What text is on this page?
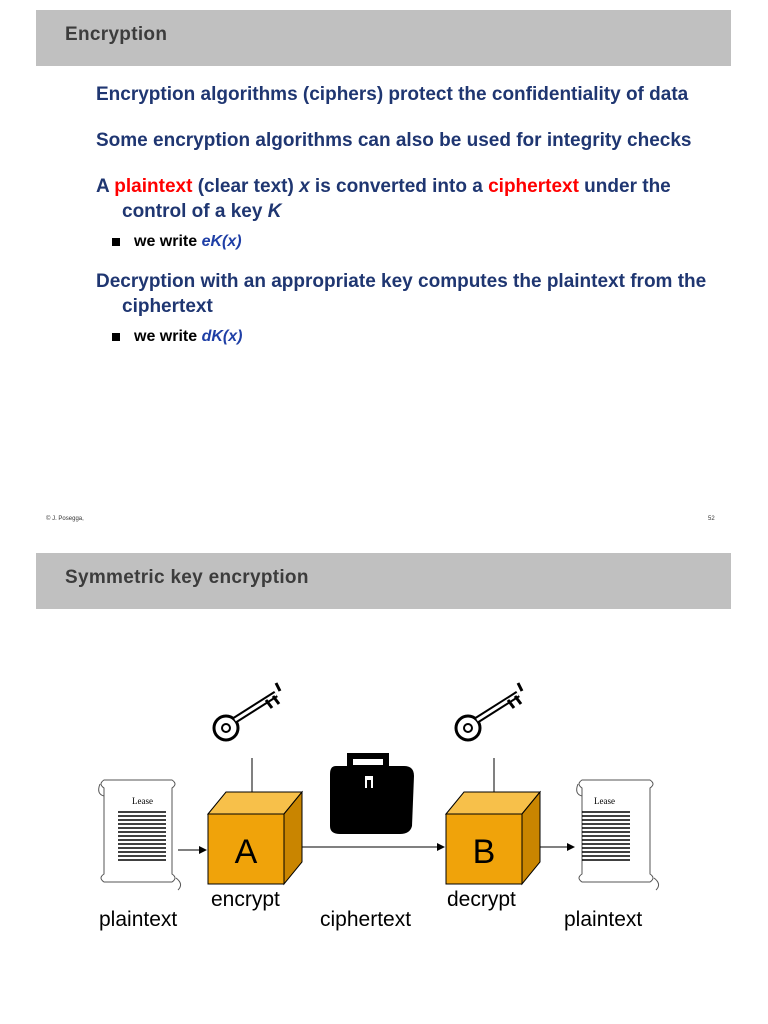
Encryption
Encryption algorithms (ciphers) protect the confidentiality of data
Some encryption algorithms can also be used for integrity checks
A plaintext (clear text) x is converted into a ciphertext under the control of a key K
we write eK(x)
Decryption with an appropriate key computes the plaintext from the ciphertext
we write dK(x)
© J. Posegga,	52
Symmetric key encryption
Lease	Lease
A	B
plaintext
encrypt
ciphertext
decrypt
plaintext
